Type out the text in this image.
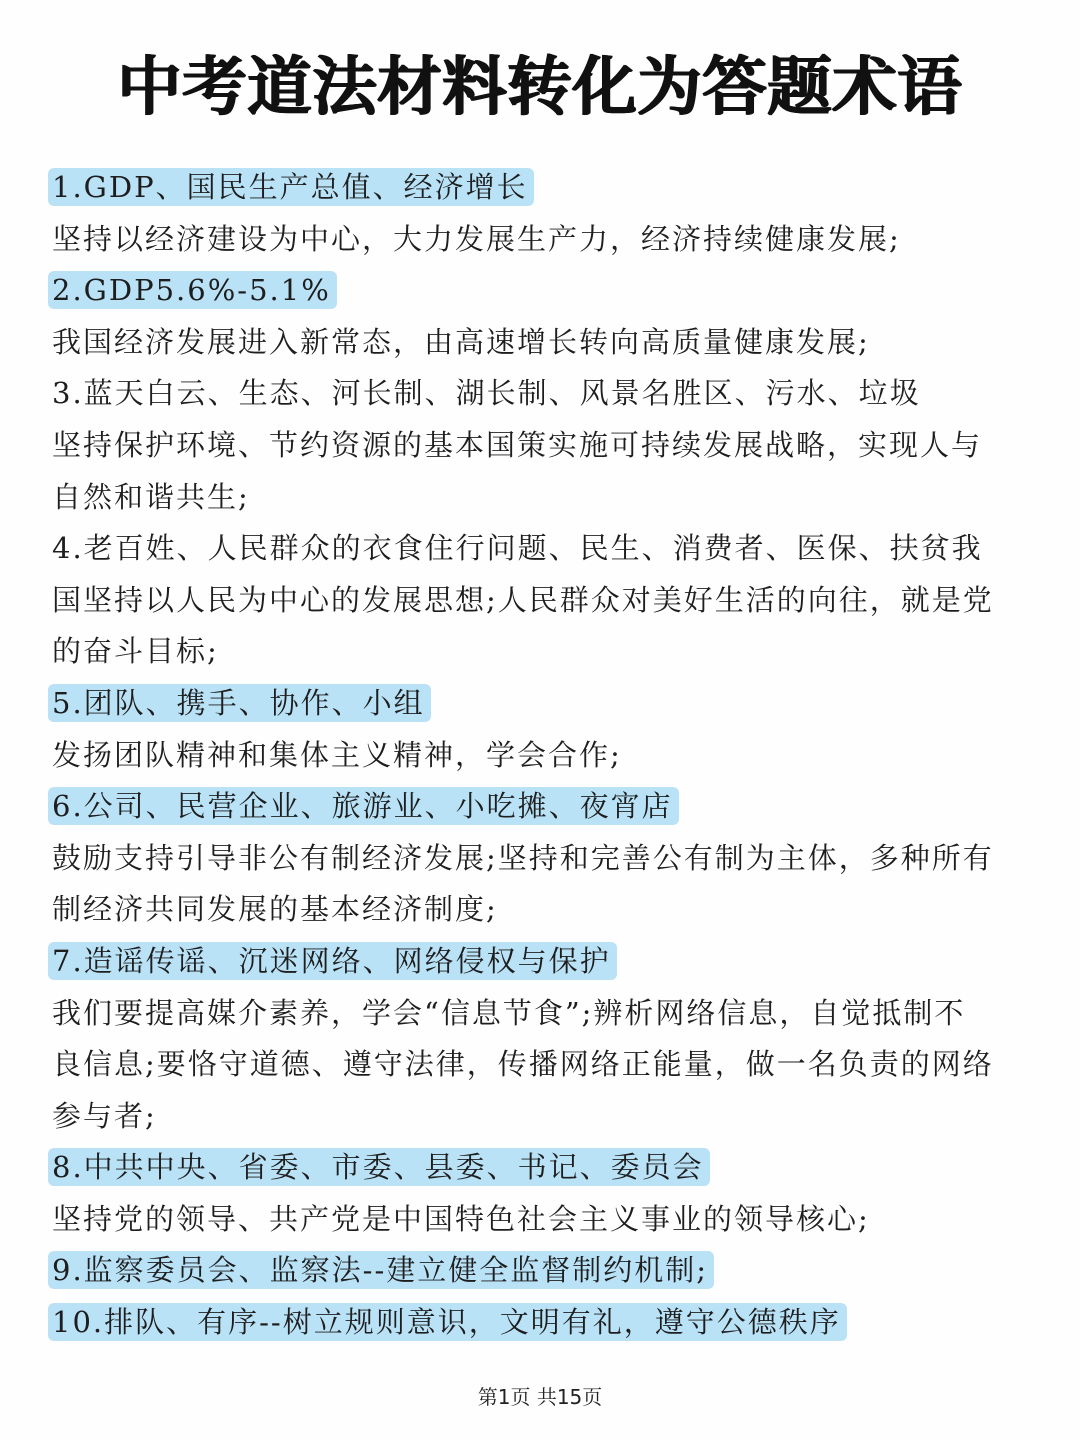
中考道法材料转化为答题术语
1.GDP、国民生产总值、经济增长
坚持以经济建设为中心，大力发展生产力，经济持续健康发展;
2.GDP5.6%-5.1%
我国经济发展进入新常态，由高速增长转向高质量健康发展;
3.蓝天白云、生态、河长制、湖长制、风景名胜区、污水、垃圾
坚持保护环境、节约资源的基本国策实施可持续发展战略，实现人与
自然和谐共生;
4.老百姓、人民群众的衣食住行问题、民生、消费者、医保、扶贫我
国坚持以人民为中心的发展思想;人民群众对美好生活的向往，就是党
的奋斗目标;
5.团队、携手、协作、小组
发扬团队精神和集体主义精神，学会合作;
6.公司、民营企业、旅游业、小吃摊、夜宵店
鼓励支持引导非公有制经济发展;坚持和完善公有制为主体，多种所有
制经济共同发展的基本经济制度;
7.造谣传谣、沉迷网络、网络侵权与保护
我们要提高媒介素养，学会“信息节食”;辨析网络信息，自觉抵制不
良信息;要恪守道德、遵守法律，传播网络正能量，做一名负责的网络
参与者;
8.中共中央、省委、市委、县委、书记、委员会
坚持党的领导、共产党是中国特色社会主义事业的领导核心;
9.监察委员会、监察法--建立健全监督制约机制;
10.排队、有序--树立规则意识，文明有礼，遵守公德秩序
第1页 共15页
